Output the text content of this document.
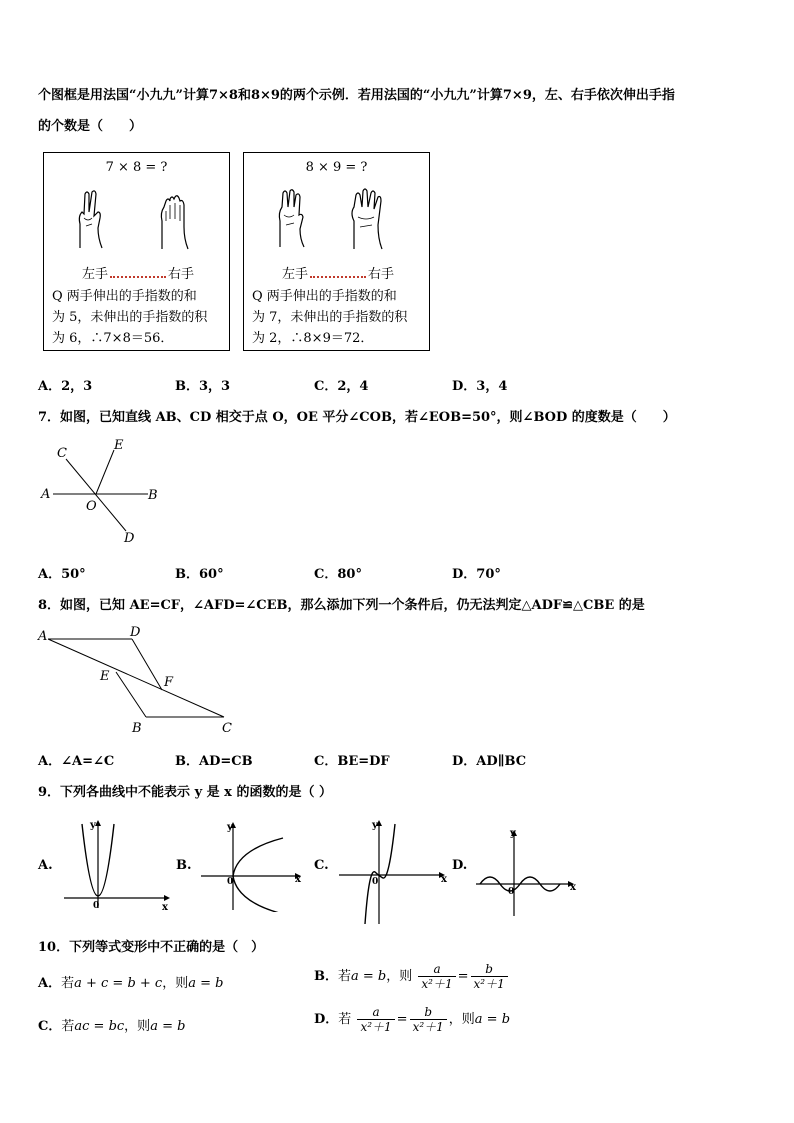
个图框是用法国“小九九”计算7×8和8×9的两个示例．若用法国的“小九九”计算7×9，左、右手依次伸出手指
的个数是（　　）
7 × 8 = ?
左手	右手
Q 两手伸出的手指数的和
为 5，未伸出的手指数的积
为 6，∴7×8＝56．
8 × 9 = ?
左手	右手
Q 两手伸出的手指数的和
为 7，未伸出的手指数的积
为 2，∴8×9＝72．
A．2，3	B．3，3	C．2，4	D．3，4
7．如图，已知直线 AB、CD 相交于点 O，OE 平分∠COB，若∠EOB=50°，则∠BOD 的度数是（　　）
C
E
A
O
B
D
A．50°	B．60°	C．80°	D．70°
8．如图，已知 AE=CF，∠AFD=∠CEB，那么添加下列一个条件后，仍无法判定△ADF≌△CBE 的是
A	D
E	F
B	C
A．∠A=∠C	B．AD=CB	C．BE=DF	D．AD∥BC
9．下列各曲线中不能表示 y 是 x 的函数的是（ ）
A.
y
x
0
B.
y
x
0
C.
y
x
0
D.
y
x
0
10．下列等式变形中不正确的是（　）
A．若a + c = b + c，则a = b	B．若a = b，则 $\frac{a}{\text{x²＋1}} = \frac{b}{\text{x²＋1}}$
C．若ac = bc，则a = b	D．若 $\frac{a}{\text{x²＋1}} = \frac{b}{\text{x²＋1}}$ ，则a = b
